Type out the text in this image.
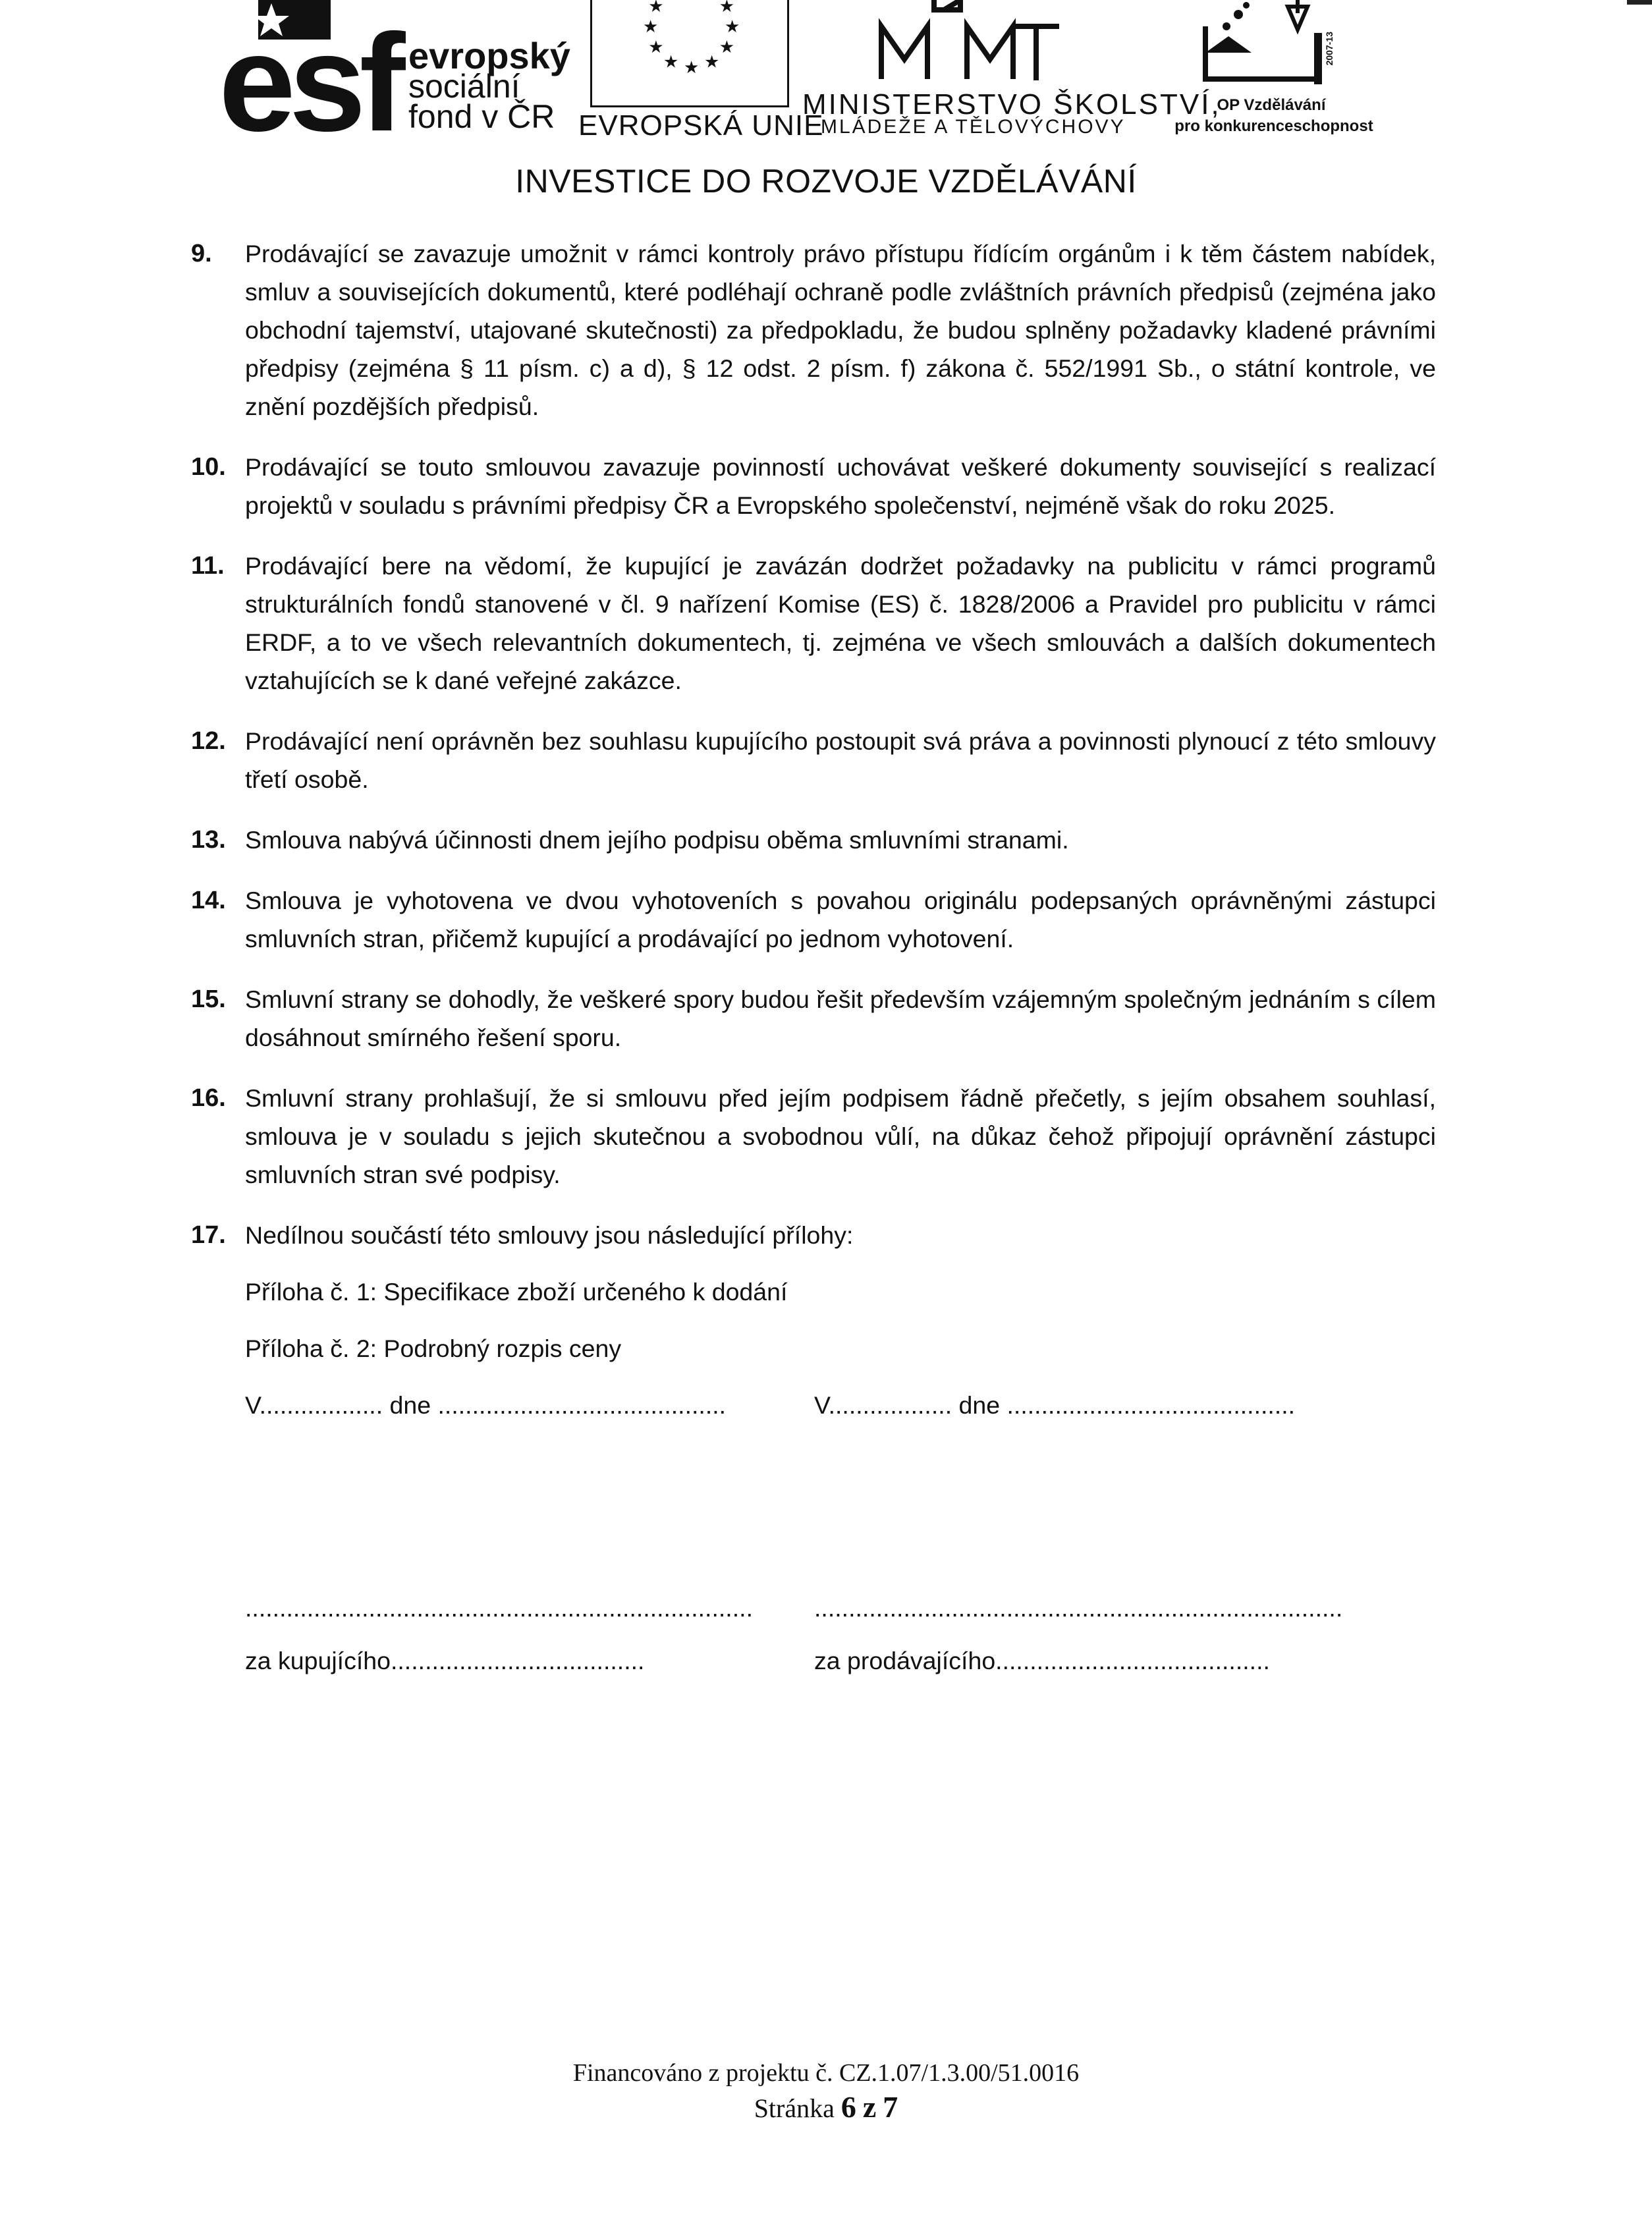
esf evropský
sociální
fond v ČR
★
★
★
★
★
★
★
★
★
EVROPSKÁ UNIE
MINISTERSTVO ŠKOLSTVÍ,
MLÁDEŽE A TĚLOVÝCHOVY
2007-13
OP Vzdělávání
pro konkurenceschopnost
INVESTICE DO ROZVOJE VZDĚLÁVÁNÍ
9. Prodávající se zavazuje umožnit v rámci kontroly právo přístupu řídícím orgánům i k těm částem nabídek, smluv a souvisejících dokumentů, které podléhají ochraně podle zvláštních právních předpisů (zejména jako obchodní tajemství, utajované skutečnosti) za předpokladu, že budou splněny požadavky kladené právními předpisy (zejména § 11 písm. c) a d), § 12 odst. 2 písm. f) zákona č. 552/1991 Sb., o státní kontrole, ve znění pozdějších předpisů.
10. Prodávající se touto smlouvou zavazuje povinností uchovávat veškeré dokumenty související s realizací projektů v souladu s právními předpisy ČR a Evropského společenství, nejméně však do roku 2025.
11. Prodávající bere na vědomí, že kupující je zavázán dodržet požadavky na publicitu v rámci programů strukturálních fondů stanovené v čl. 9 nařízení Komise (ES) č. 1828/2006 a Pravidel pro publicitu v rámci ERDF, a to ve všech relevantních dokumentech, tj. zejména ve všech smlouvách a dalších dokumentech vztahujících se k dané veřejné zakázce.
12. Prodávající není oprávněn bez souhlasu kupujícího postoupit svá práva a povinnosti plynoucí z této smlouvy třetí osobě.
13. Smlouva nabývá účinnosti dnem jejího podpisu oběma smluvními stranami.
14. Smlouva je vyhotovena ve dvou vyhotoveních s povahou originálu podepsaných oprávněnými zástupci smluvních stran, přičemž kupující a prodávající po jednom vyhotovení.
15. Smluvní strany se dohodly, že veškeré spory budou řešit především vzájemným společným jednáním s cílem dosáhnout smírného řešení sporu.
16. Smluvní strany prohlašují, že si smlouvu před jejím podpisem řádně přečetly, s jejím obsahem souhlasí, smlouva je v souladu s jejich skutečnou a svobodnou vůlí, na důkaz čehož připojují oprávnění zástupci smluvních stran své podpisy.
17. Nedílnou součástí této smlouvy jsou následující přílohy:
Příloha č. 1: Specifikace zboží určeného k dodání
Příloha č. 2: Podrobný rozpis ceny
V.................. dne ..........................................	V.................. dne ..........................................
..........................................................................	.............................................................................
za kupujícího.....................................	za prodávajícího........................................
Financováno z projektu č. CZ.1.07/1.3.00/51.0016
Stránka 6 z 7
